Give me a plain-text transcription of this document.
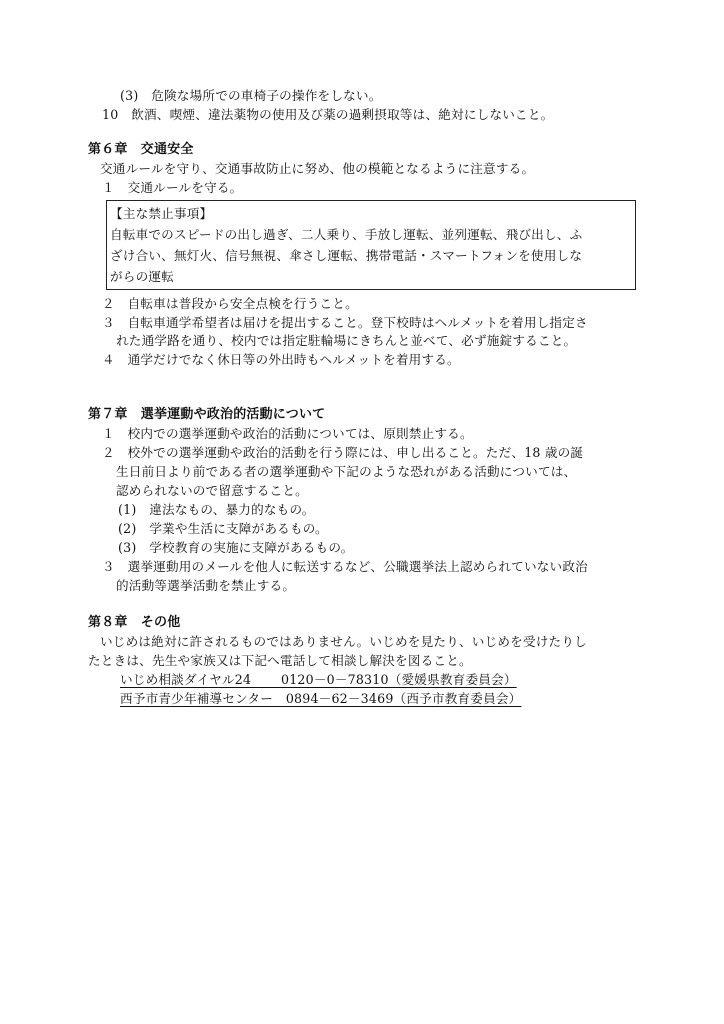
(3)　危険な場所での車椅子の操作をしない。
10　飲酒、喫煙、違法薬物の使用及び薬の過剰摂取等は、絶対にしないこと。
第６章　交通安全
交通ルールを守り、交通事故防止に努め、他の模範となるように注意する。
１　交通ルールを守る。
【主な禁止事項】
自転車でのスピードの出し過ぎ、二人乗り、手放し運転、並列運転、飛び出し、ふ
ざけ合い、無灯火、信号無視、傘さし運転、携帯電話・スマートフォンを使用しな
がらの運転
２　自転車は普段から安全点検を行うこと。
３　自転車通学希望者は届けを提出すること。登下校時はヘルメットを着用し指定さ
れた通学路を通り、校内では指定駐輪場にきちんと並べて、必ず施錠すること。
４　通学だけでなく休日等の外出時もヘルメットを着用する。
第７章　選挙運動や政治的活動について
１　校内での選挙運動や政治的活動については、原則禁止する。
２　校外での選挙運動や政治的活動を行う際には、申し出ること。ただ、18 歳の誕
生日前日より前である者の選挙運動や下記のような恐れがある活動については、
認められないので留意すること。
(1)　違法なもの、暴力的なもの。
(2)　学業や生活に支障があるもの。
(3)　学校教育の実施に支障があるもの。
３　選挙運動用のメールを他人に転送するなど、公職選挙法上認められていない政治
的活動等選挙活動を禁止する。
第８章　その他
いじめは絶対に許されるものではありません。いじめを見たり、いじめを受けたりし
たときは、先生や家族又は下記へ電話して相談し解決を図ること。
いじめ相談ダイヤル24　　 0120－0－78310（愛媛県教育委員会）
西予市青少年補導センター　0894－62－3469（西予市教育委員会）
